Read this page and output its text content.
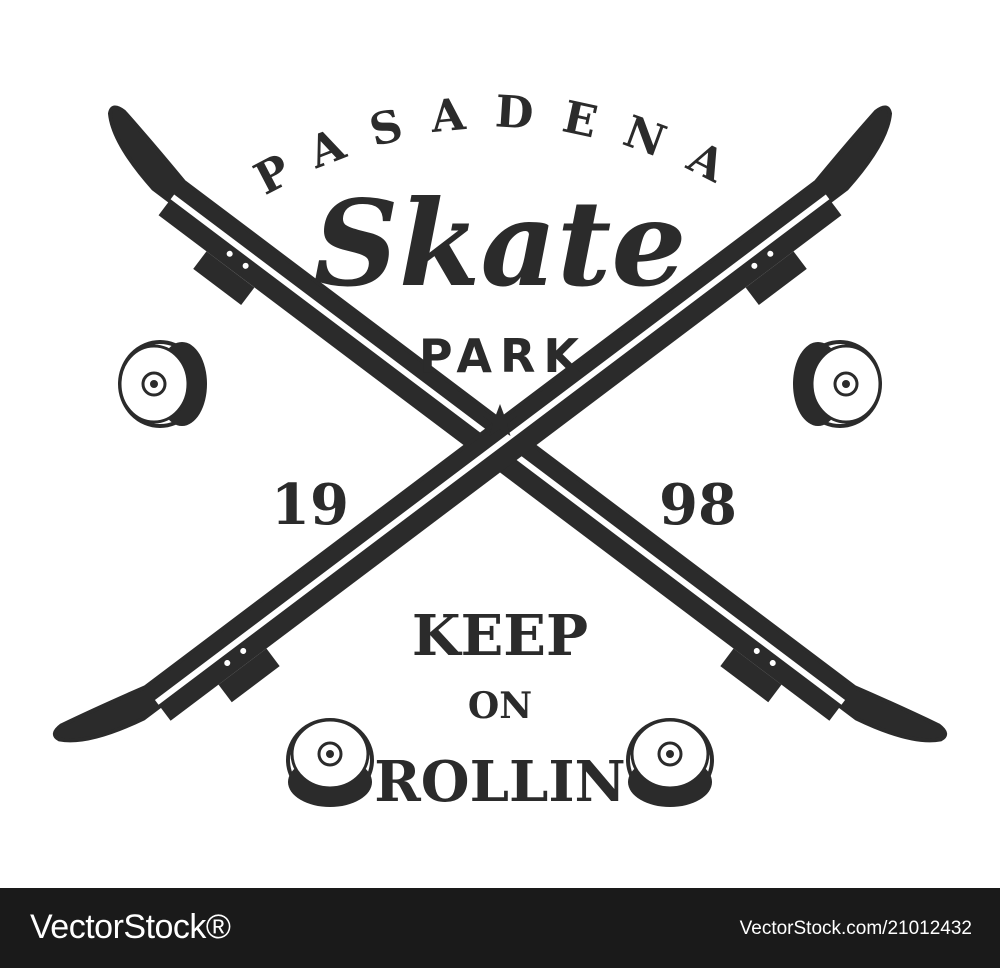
PASADENA
Skate
PARK
19	98
KEEP
ON
ROLLIN
VectorStock®	VectorStock.com/21012432
